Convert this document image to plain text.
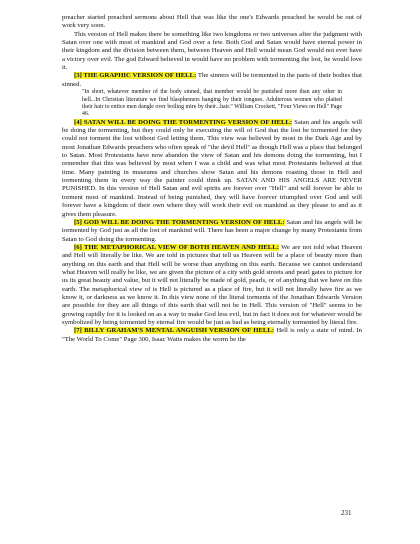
preacher started preached sermons about Hell that was like the one's Edwards preached he would be out of work very soon.

This version of Hell makes there be something like two kingdoms or two universes after the judgment with Satan over one with most of mankind and God over a few. Both God and Satan would have eternal power in their kingdom and the division between them, between Heaven and Hell would mean God would not ever have a victory over evil. The god Edward believed in would have no problem with tormenting the lost, he would love it.

[3] THE GRAPHIC VERSION OF HELL: The sinners will be tormented in the parts of their bodies that sinned.

"In short, whatever member of the body sinned, that member would be punished more than any other in hell...In Christian literature we find blasphemers hanging by their tongues. Adulterous women who plaited their hair to entice men dangle over boiling mire by their...hair." William Crockett, "Four Views on Hell" Page 46.

[4] SATAN WILL BE DOING THE TORMENTING VERSION OF HELL: Satan and his angels will be doing the tormenting, but they could only be executing the will of God that the lost be tormented for they could not torment the lost without God letting them. This view was believed by most in the Dark Age and by most Jonathan Edwards preachers who often speak of "the devil Hell" as though Hell was a place that belonged to Satan. Most Protestants have now abandon the view of Satan and his demons doing the tormenting, but I remember that this was believed by most when I was a child and was what most Protestants believed at that time. Many painting in museums and churches show Satan and his demons roasting those in Hell and tormenting them in every way the painter could think up. SATAN AND HIS ANGELS ARE NEVER PUNISHED. In this version of Hell Satan and evil spirits are forever over "Hell" and will forever be able to torment most of mankind. Instead of being punished, they will have forever triumphed over God and will forever have a kingdom of their own where they will work their evil on mankind as they please to and as it gives them pleasure.

[5] GOD WILL BE DOING THE TORMENTING VERSION OF HELL: Satan and his angels will be tormented by God just as all the lost of mankind will. There has been a major change by many Protestants from Satan to God doing the tormenting.

[6] THE METAPHORICAL VIEW OF BOTH HEAVEN AND HELL: We are not told what Heaven and Hell will literally be like. We are told in pictures that tell us Heaven will be a place of beauty more than anything on this earth and that Hell will be worse than anything on this earth. Because we cannot understand what Heaven will really be like, we are given the picture of a city with gold streets and pearl gates to picture for us its great beauty and value, but it will not literally be made of gold, pearls, or of anything that we have on this earth. The metaphorical view of is Hell is pictured as a place of fire, but it will not literally have fire as we know it, or darkness as we know it. In this view none of the literal torments of the Jonathan Edwards Version are possible for they are all things of this earth that will not be in Hell. This version of "Hell" seems to be growing rapidly for it is looked on as a way to make God less evil, but in fact it does not for whatever would be symbolized by being tormented by eternal fire would be just as bad as being eternally tormented by literal fire.

[7] BILLY GRAHAM'S MENTAL ANGUISH VERSION OF HELL: Hell is only a state of mind. In "The World To Come" Page 300, Isaac Watts makes the worm be the

231
